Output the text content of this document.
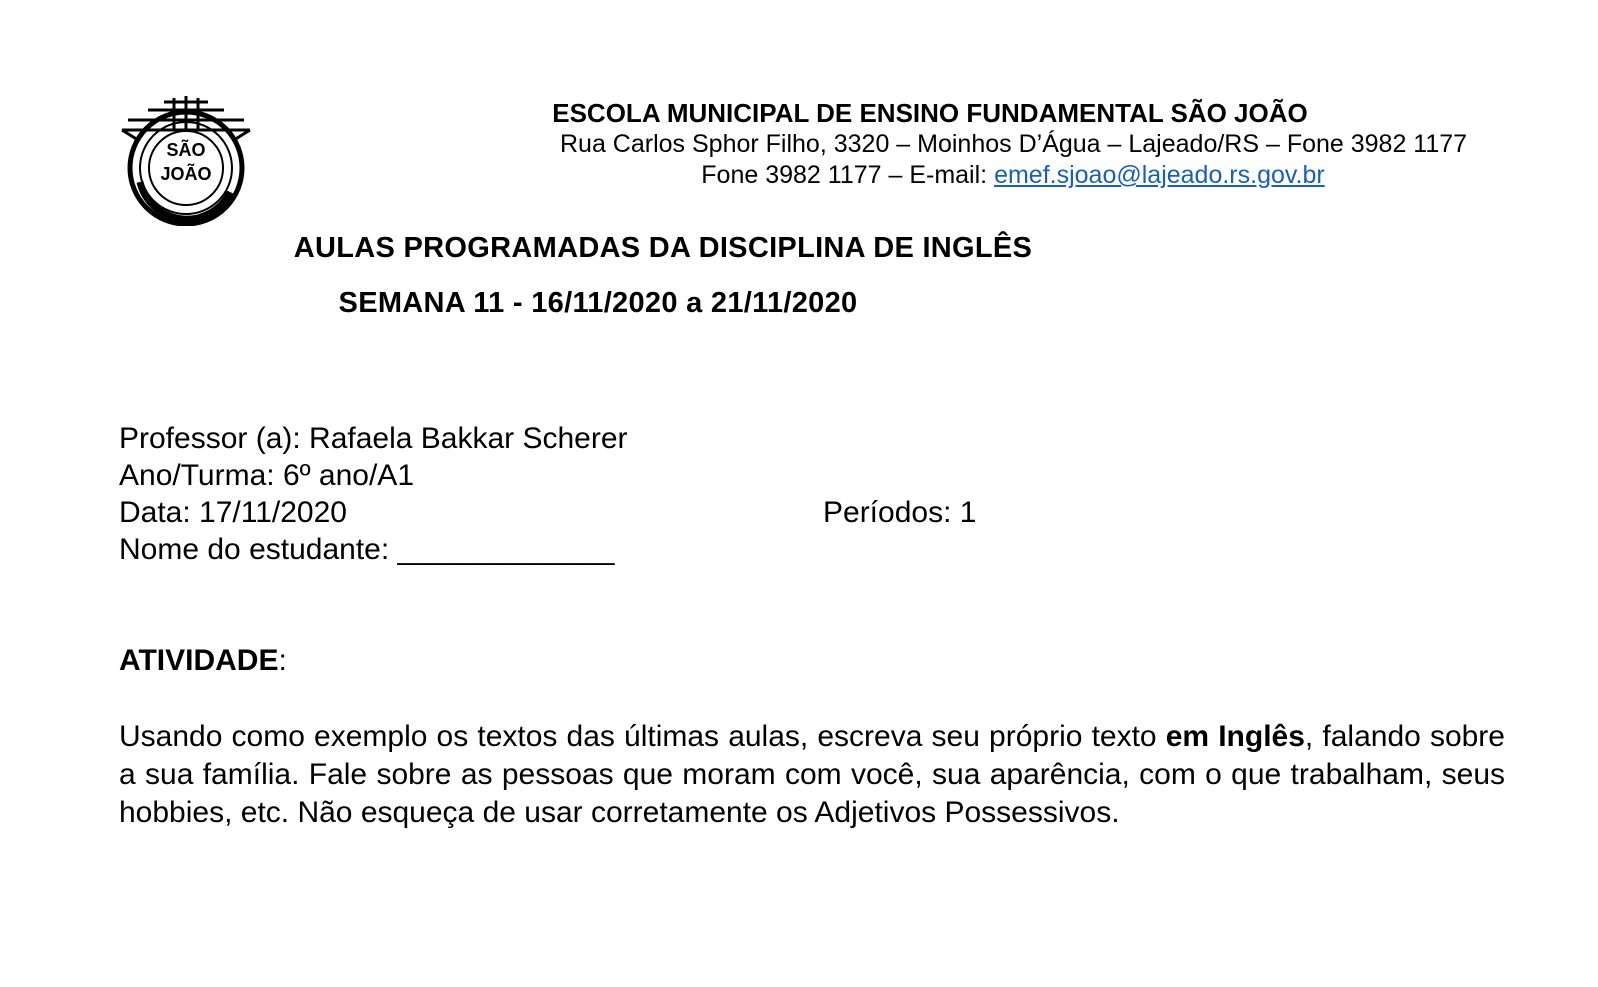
SÃO
JOÃO
ESCOLA MUNICIPAL DE ENSINO FUNDAMENTAL SÃO JOÃO
Rua Carlos Sphor Filho, 3320 – Moinhos D’Água – Lajeado/RS – Fone 3982 1177
Fone 3982 1177 – E-mail: emef.sjoao@lajeado.rs.gov.br
AULAS PROGRAMADAS DA DISCIPLINA DE INGLÊS
SEMANA 11 - 16/11/2020 a 21/11/2020
Professor (a): Rafaela Bakkar Scherer
Ano/Turma: 6º ano/A1
Data: 17/11/2020	Períodos: 1
Nome do estudante: _____________
ATIVIDADE:
Usando como exemplo os textos das últimas aulas, escreva seu próprio texto em Inglês, falando sobre a sua família. Fale sobre as pessoas que moram com você, sua aparência, com o que trabalham, seus hobbies, etc. Não esqueça de usar corretamente os Adjetivos Possessivos.
